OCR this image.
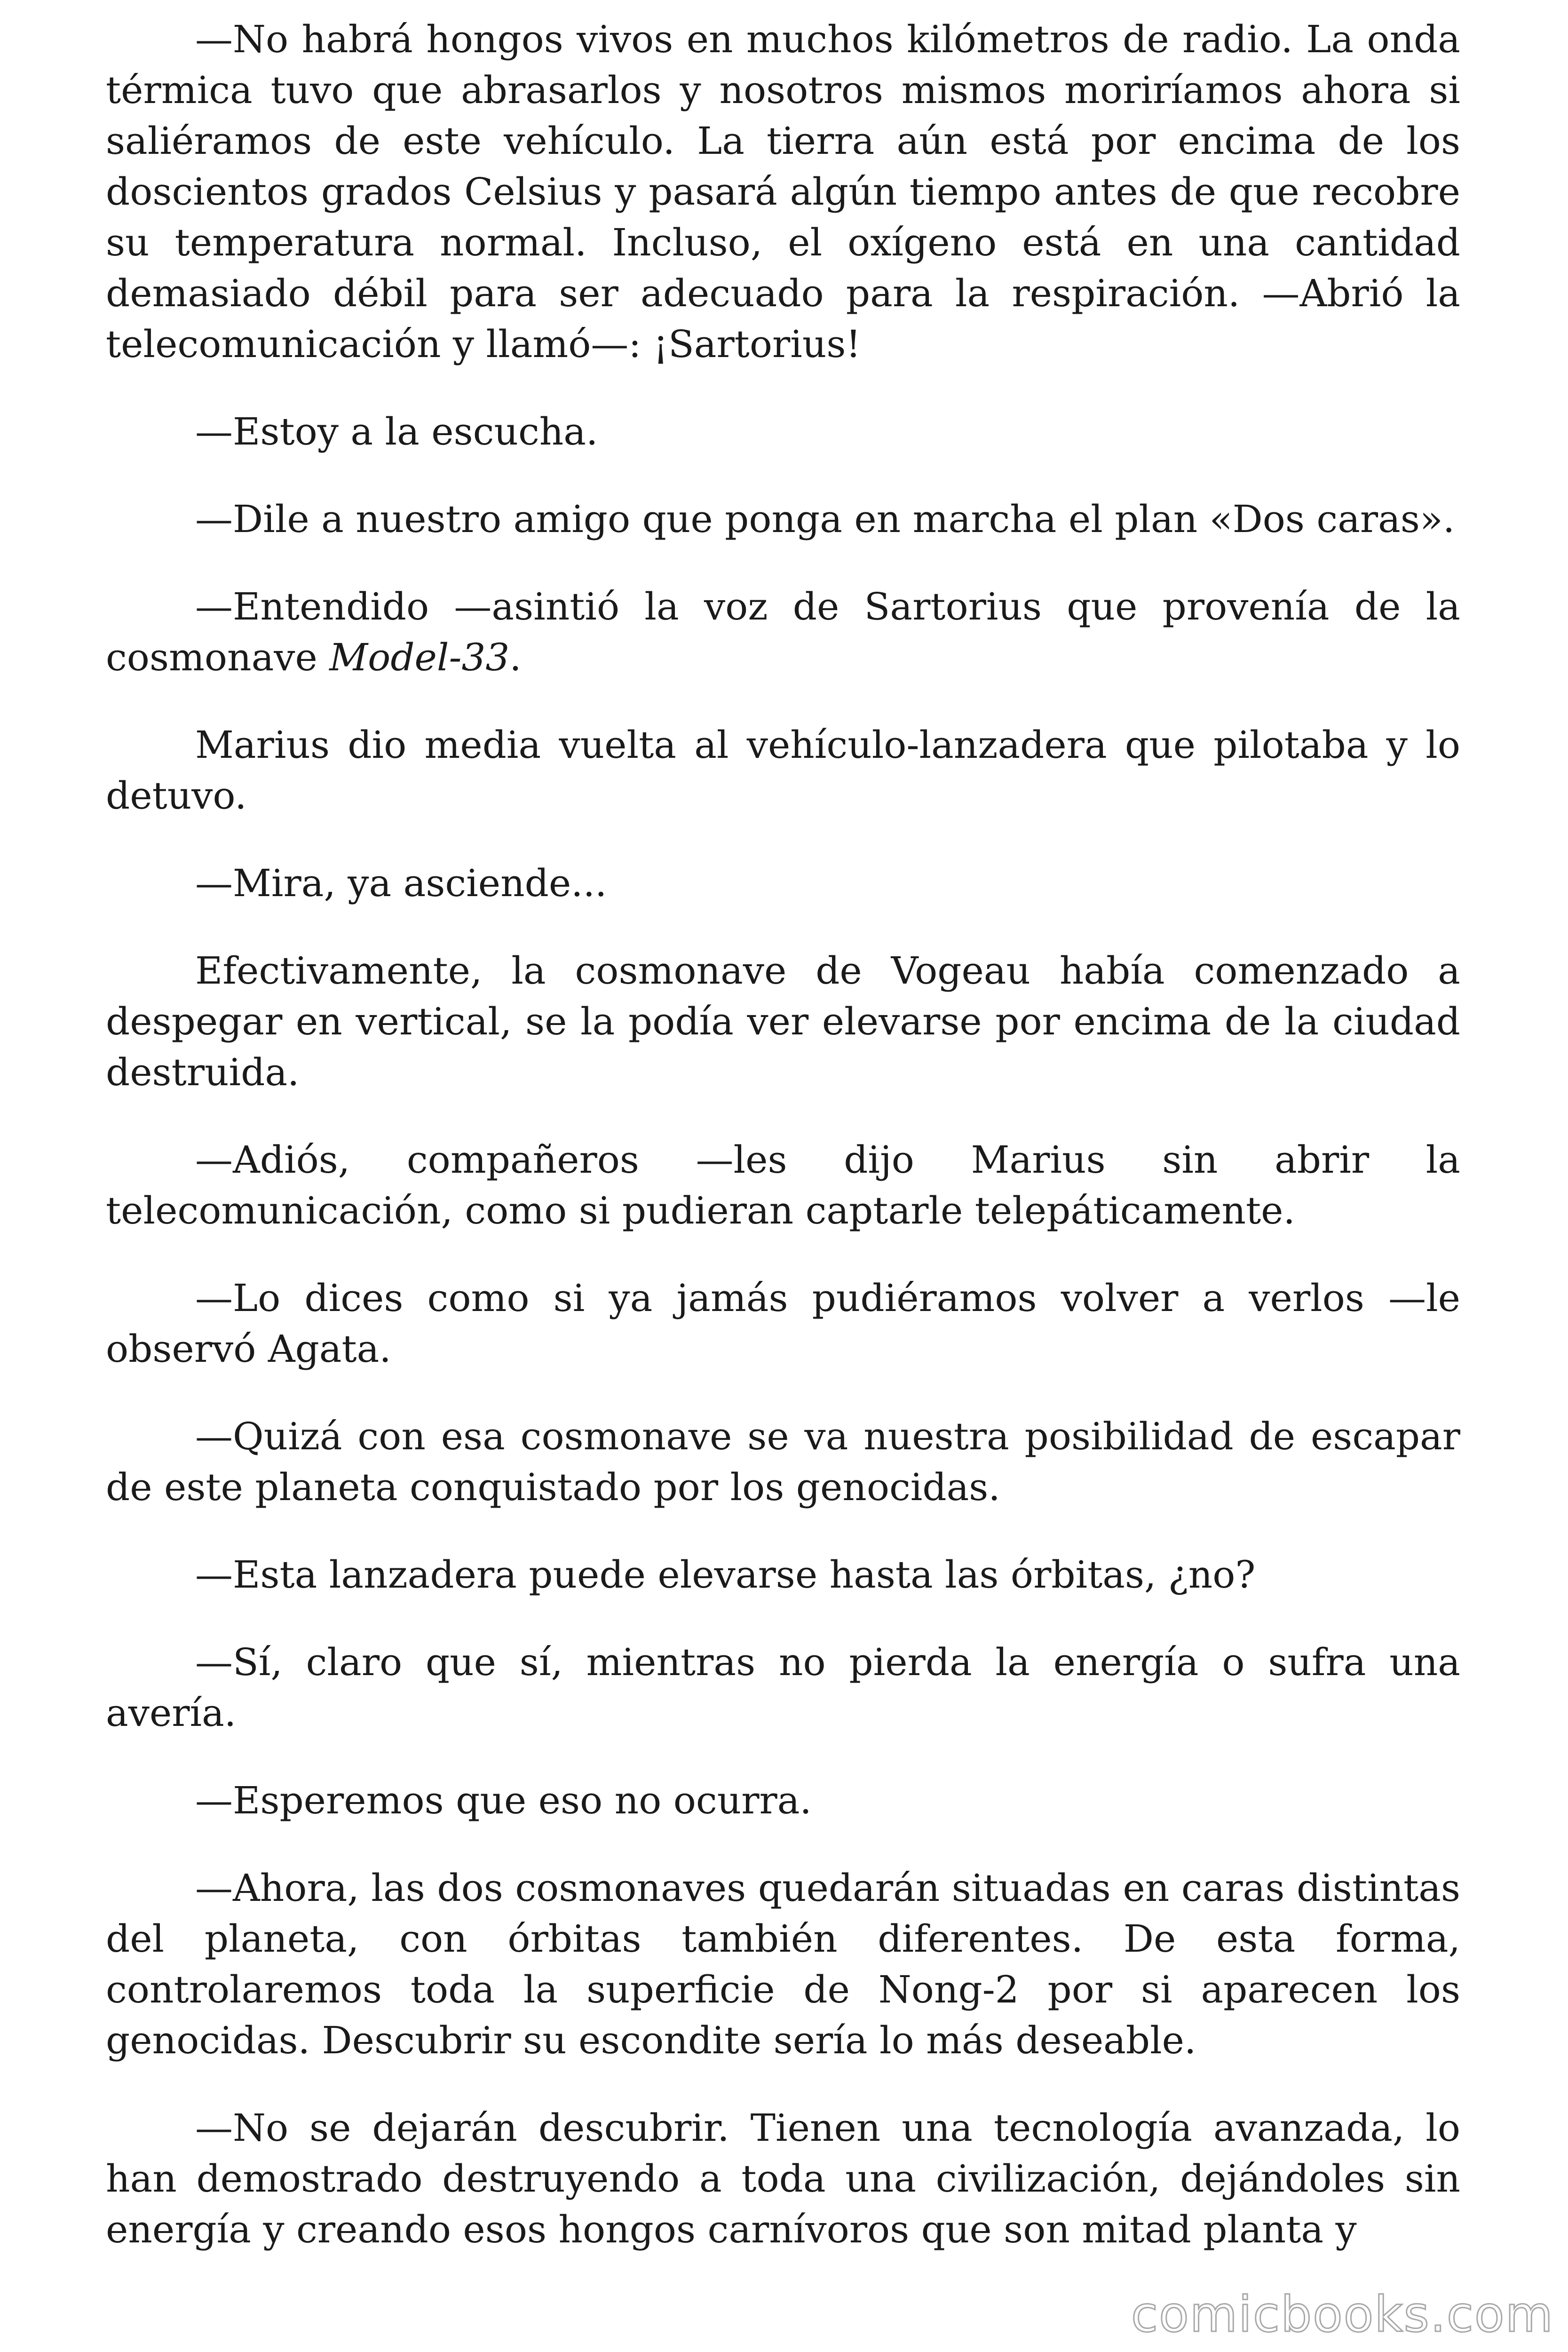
—No habrá hongos vivos en muchos kilómetros de radio. La onda térmica tuvo que abrasarlos y nosotros mismos moriríamos ahora si saliéramos de este vehículo. La tierra aún está por encima de los doscientos grados Celsius y pasará algún tiempo antes de que recobre su temperatura normal. Incluso, el oxígeno está en una cantidad demasiado débil para ser adecuado para la respiración. —Abrió la telecomunicación y llamó—: ¡Sartorius!

—Estoy a la escucha.

—Dile a nuestro amigo que ponga en marcha el plan «Dos caras».

—Entendido —asintió la voz de Sartorius que provenía de la cosmonave Model-33.

Marius dio media vuelta al vehículo-lanzadera que pilotaba y lo detuvo.

—Mira, ya asciende...

Efectivamente, la cosmonave de Vogeau había comenzado a despegar en vertical, se la podía ver elevarse por encima de la ciudad destruida.

—Adiós, compañeros —les dijo Marius sin abrir la telecomunicación, como si pudieran captarle telepáticamente.

—Lo dices como si ya jamás pudiéramos volver a verlos —le observó Agata.

—Quizá con esa cosmonave se va nuestra posibilidad de escapar de este planeta conquistado por los genocidas.

—Esta lanzadera puede elevarse hasta las órbitas, ¿no?

—Sí, claro que sí, mientras no pierda la energía o sufra una avería.

—Esperemos que eso no ocurra.

—Ahora, las dos cosmonaves quedarán situadas en caras distintas del planeta, con órbitas también diferentes. De esta forma, controlaremos toda la superficie de Nong-2 por si aparecen los genocidas. Descubrir su escondite sería lo más deseable.

—No se dejarán descubrir. Tienen una tecnología avanzada, lo han demostrado destruyendo a toda una civilización, dejándoles sin energía y creando esos hongos carnívoros que son mitad planta y

comicbooks.com
